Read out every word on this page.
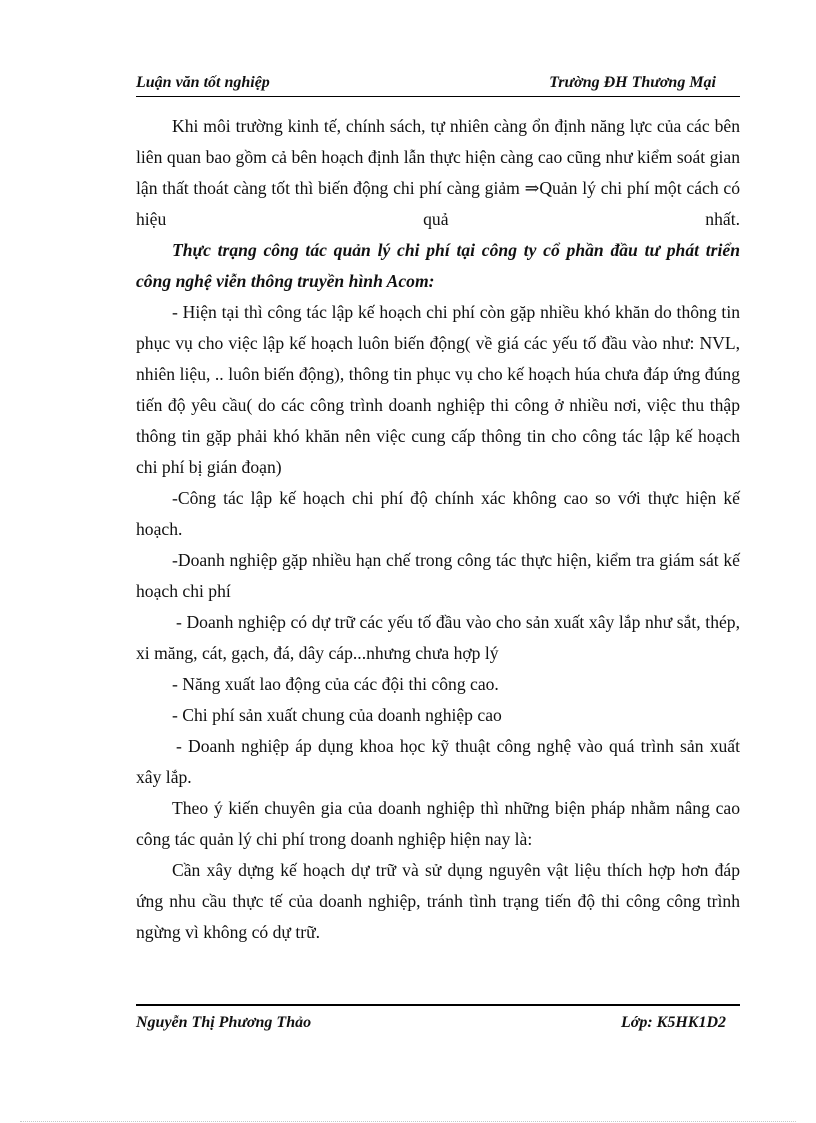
Luận văn tốt nghiệp	Trường ĐH Thương Mại

Khi môi trường kinh tế, chính sách, tự nhiên càng ổn định năng lực của các bên liên quan bao gồm cả bên hoạch định lẫn thực hiện càng cao cũng như kiểm soát gian lận thất thoát càng tốt thì biến động chi phí càng giảm ⇒Quản lý chi phí một cách có hiệu quả nhất.

Thực trạng công tác quản lý chi phí tại công ty cổ phần đầu tư phát triển công nghệ viễn thông truyền hình Acom:

- Hiện tại thì công tác lập kế hoạch chi phí còn gặp nhiều khó khăn do thông tin phục vụ cho việc lập kế hoạch luôn biến động( về giá các yếu tố đầu vào như: NVL, nhiên liệu, .. luôn biến động), thông tin phục vụ cho kế hoạch húa chưa đáp ứng đúng tiến độ yêu cầu( do các công trình doanh nghiệp thi công ở nhiều nơi, việc thu thập thông tin gặp phải khó khăn nên việc cung cấp thông tin cho công tác lập kế hoạch chi phí bị gián đoạn)

-Công tác lập kế hoạch chi phí độ chính xác không cao so với thực hiện kế hoạch.

-Doanh nghiệp gặp nhiều hạn chế trong công tác thực hiện, kiểm tra giám sát kế hoạch chi phí

- Doanh nghiệp có dự trữ các yếu tố đầu vào cho sản xuất xây lắp như sắt, thép, xi măng, cát, gạch, đá, dây cáp...nhưng chưa hợp lý

- Năng xuất lao động của các đội thi công cao.

- Chi phí sản xuất chung của doanh nghiệp cao

- Doanh nghiệp áp dụng khoa học kỹ thuật công nghệ vào quá trình sản xuất xây lắp.

Theo ý kiến chuyên gia của doanh nghiệp thì những biện pháp nhằm nâng cao công tác quản lý chi phí trong doanh nghiệp hiện nay là:

Cần xây dựng kế hoạch dự trữ và sử dụng nguyên vật liệu thích hợp hơn đáp ứng nhu cầu thực tế của doanh nghiệp, tránh tình trạng tiến độ thi công công trình ngừng vì không có dự trữ.

Nguyễn Thị Phương Thảo	Lớp: K5HK1D2
